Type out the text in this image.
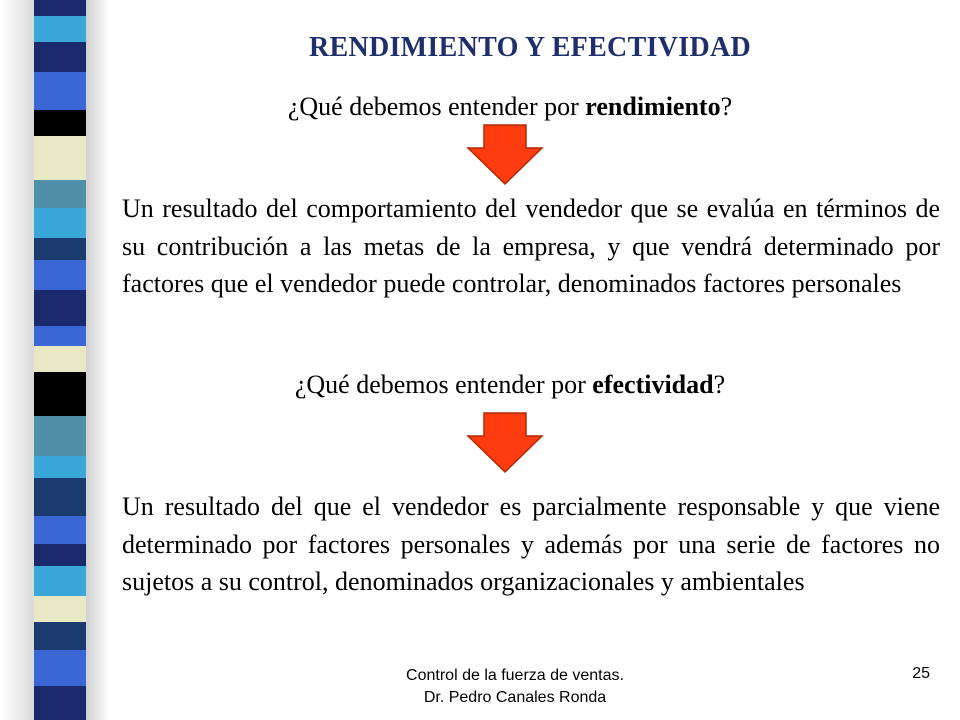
RENDIMIENTO Y EFECTIVIDAD
¿Qué debemos entender por rendimiento?
Un resultado del comportamiento del vendedor que se evalúa en términos de su contribución a las metas de la empresa, y que vendrá determinado por factores que el vendedor puede controlar, denominados factores personales
¿Qué debemos entender por efectividad?
Un resultado del que el vendedor es parcialmente responsable y que viene determinado por factores personales y además por una serie de factores no sujetos a su control, denominados organizacionales y ambientales
Control de la fuerza de ventas.
Dr. Pedro Canales Ronda
25
